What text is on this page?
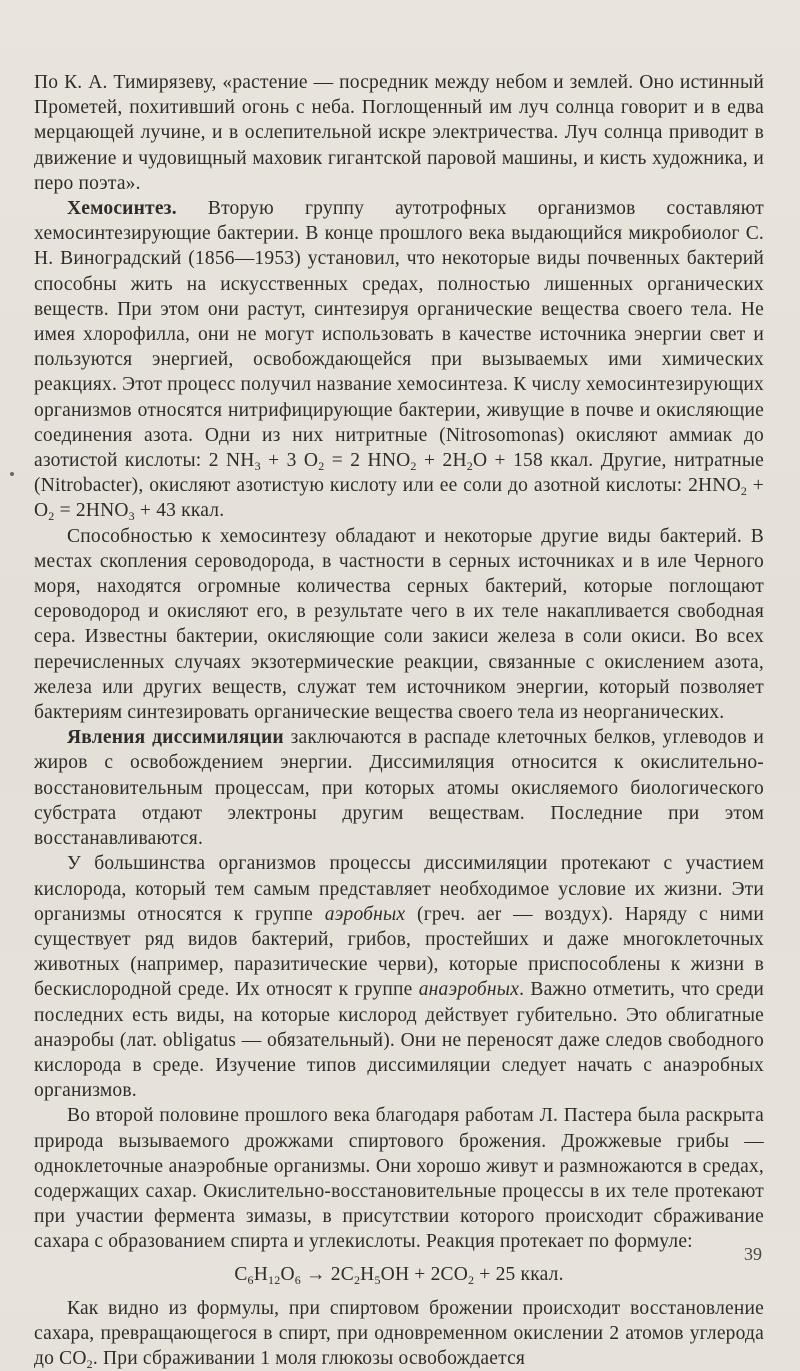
По К. А. Тимирязеву, «растение — посредник между небом и землей. Оно истинный Прометей, похитивший огонь с неба. Поглощенный им луч солнца говорит и в едва мерцающей лучине, и в ослепительной искре электричества. Луч солнца приводит в движение и чудовищный маховик гигантской паровой машины, и кисть художника, и перо поэта».

Хемосинтез. Вторую группу аутотрофных организмов составляют хемосинтезирующие бактерии. В конце прошлого века выдающийся микробиолог С. Н. Виноградский (1856—1953) установил, что некоторые виды почвенных бактерий способны жить на искусственных средах, полностью лишенных органических веществ. При этом они растут, синтезируя органические вещества своего тела. Не имея хлорофилла, они не могут использовать в качестве источника энергии свет и пользуются энергией, освобождающейся при вызываемых ими химических реакциях. Этот процесс получил название хемосинтеза. К числу хемосинтезирующих организмов относятся нитрифицирующие бактерии, живущие в почве и окисляющие соединения азота. Одни из них нитритные (Nitrosomonas) окисляют аммиак до азотистой кислоты: 2 $NH_3 + 3$ $O_2 = 2$ $HNO_2 + 2H_2O + 158$ ккал. Другие, нитратные (Nitrobacter), окисляют азотистую кислоту или ее соли до азотной кислоты: $2HNO_2 + O_2 = 2HNO_3 + 43$ ккал.

Способностью к хемосинтезу обладают и некоторые другие виды бактерий. В местах скопления сероводорода, в частности в серных источниках и в иле Черного моря, находятся огромные количества серных бактерий, которые поглощают сероводород и окисляют его, в результате чего в их теле накапливается свободная сера. Известны бактерии, окисляющие соли закиси железа в соли окиси. Во всех перечисленных случаях экзотермические реакции, связанные с окислением азота, железа или других веществ, служат тем источником энергии, который позволяет бактериям синтезировать органические вещества своего тела из неорганических.

Явления диссимиляции заключаются в распаде клеточных белков, углеводов и жиров с освобождением энергии. Диссимиляция относится к окислительно-восстановительным процессам, при которых атомы окисляемого биологического субстрата отдают электроны другим веществам. Последние при этом восстанавливаются.

У большинства организмов процессы диссимиляции протекают с участием кислорода, который тем самым представляет необходимое условие их жизни. Эти организмы относятся к группе аэробных (греч. aer — воздух). Наряду с ними существует ряд видов бактерий, грибов, простейших и даже многоклеточных животных (например, паразитические черви), которые приспособлены к жизни в бескислородной среде. Их относят к группе анаэробных. Важно отметить, что среди последних есть виды, на которые кислород действует губительно. Это облигатные анаэробы (лат. obligatus — обязательный). Они не переносят даже следов свободного кислорода в среде. Изучение типов диссимиляции следует начать с анаэробных организмов.

Во второй половине прошлого века благодаря работам Л. Пастера была раскрыта природа вызываемого дрожжами спиртового брожения. Дрожжевые грибы — одноклеточные анаэробные организмы. Они хорошо живут и размножаются в средах, содержащих сахар. Окислительно-восстановительные процессы в их теле протекают при участии фермента зимазы, в присутствии которого происходит сбраживание сахара с образованием спирта и углекислоты. Реакция протекает по формуле:

$C_6H_{12}O_6 \to 2C_2H_5OH + 2CO_2 + 25$ ккал.

Как видно из формулы, при спиртовом брожении происходит восстановление сахара, превращающегося в спирт, при одновременном окислении 2 атомов углерода до $CO_2$. При сбраживании 1 моля глюкозы освобождается

39
